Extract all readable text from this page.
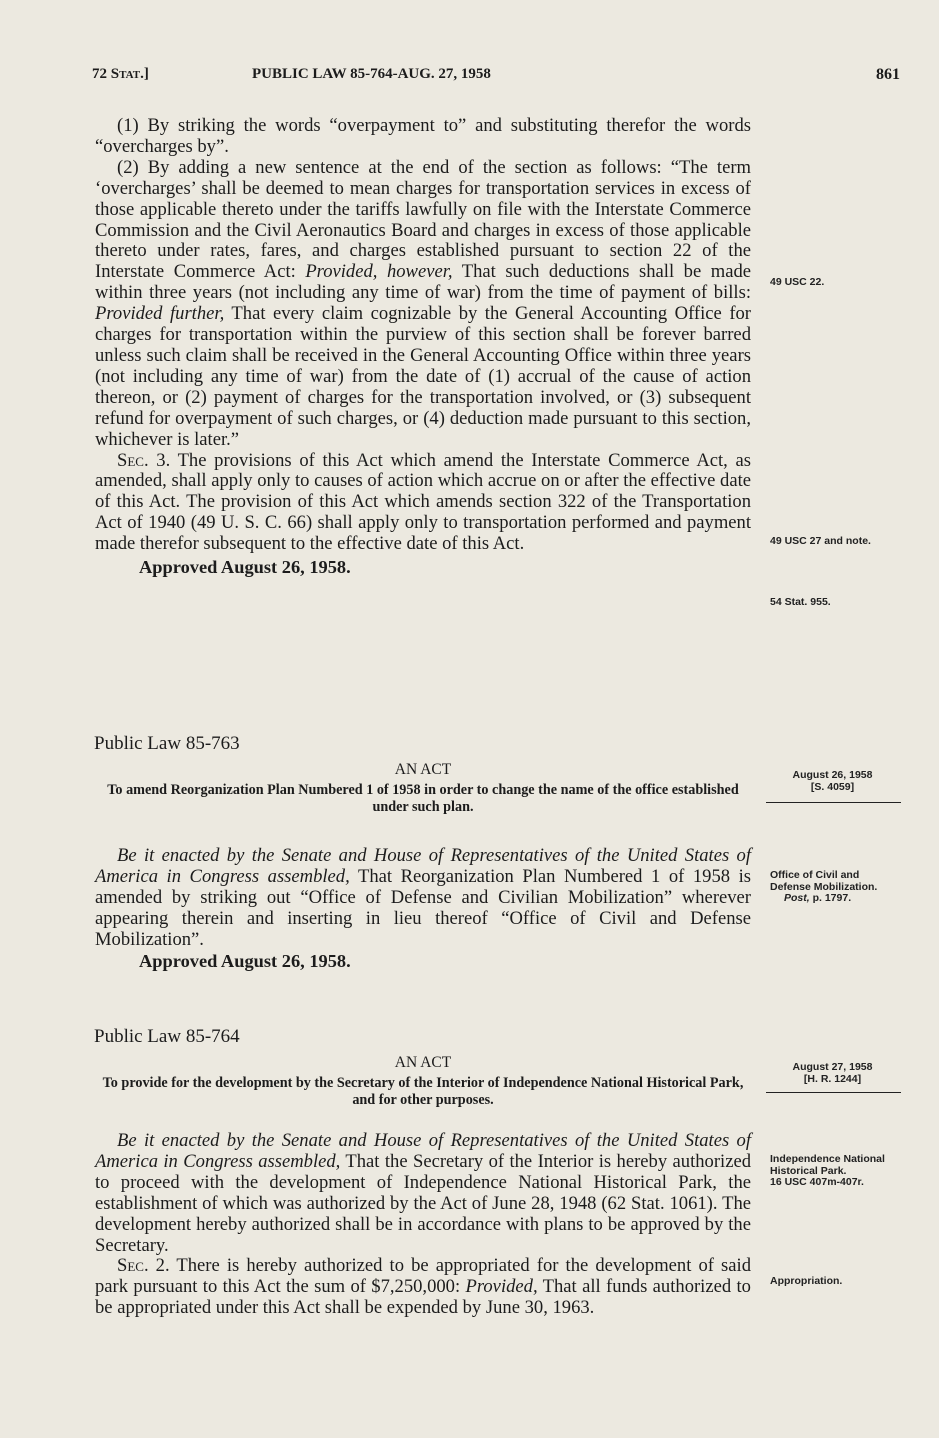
72 Stat.]	PUBLIC LAW 85-764-AUG. 27, 1958	861

(1) By striking the words “overpayment to” and substituting therefor the words “overcharges by”.

(2) By adding a new sentence at the end of the section as follows: “The term ‘overcharges’ shall be deemed to mean charges for transportation services in excess of those applicable thereto under the tariffs lawfully on file with the Interstate Commerce Commission and the Civil Aeronautics Board and charges in excess of those applicable thereto under rates, fares, and charges established pursuant to section 22 of the Interstate Commerce Act: Provided, however, That such deductions shall be made within three years (not including any time of war) from the time of payment of bills: Provided further, That every claim cognizable by the General Accounting Office for charges for transportation within the purview of this section shall be forever barred unless such claim shall be received in the General Accounting Office within three years (not including any time of war) from the date of (1) accrual of the cause of action thereon, or (2) payment of charges for the transportation involved, or (3) subsequent refund for overpayment of such charges, or (4) deduction made pursuant to this section, whichever is later.”

Sec. 3. The provisions of this Act which amend the Interstate Commerce Act, as amended, shall apply only to causes of action which accrue on or after the effective date of this Act. The provision of this Act which amends section 322 of the Transportation Act of 1940 (49 U. S. C. 66) shall apply only to transportation performed and payment made therefor subsequent to the effective date of this Act.

Approved August 26, 1958.

Public Law 85-763
AN ACT
To amend Reorganization Plan Numbered 1 of 1958 in order to change the name of the office established under such plan.

Be it enacted by the Senate and House of Representatives of the United States of America in Congress assembled, That Reorganization Plan Numbered 1 of 1958 is amended by striking out “Office of Defense and Civilian Mobilization” wherever appearing therein and inserting in lieu thereof “Office of Civil and Defense Mobilization”.

Approved August 26, 1958.

Public Law 85-764
AN ACT
To provide for the development by the Secretary of the Interior of Independence National Historical Park, and for other purposes.

Be it enacted by the Senate and House of Representatives of the United States of America in Congress assembled, That the Secretary of the Interior is hereby authorized to proceed with the development of Independence National Historical Park, the establishment of which was authorized by the Act of June 28, 1948 (62 Stat. 1061). The development hereby authorized shall be in accordance with plans to be approved by the Secretary.

Sec. 2. There is hereby authorized to be appropriated for the development of said park pursuant to this Act the sum of $7,250,000: Provided, That all funds authorized to be appropriated under this Act shall be expended by June 30, 1963.

49 USC 22.
49 USC 27 and note.
54 Stat. 955.
August 26, 1958
[S. 4059]
Office of Civil and Defense Mobilization.
Post, p. 1797.
August 27, 1958
[H. R. 1244]
Independence National Historical Park.
16 USC 407m-407r.
Appropriation.
